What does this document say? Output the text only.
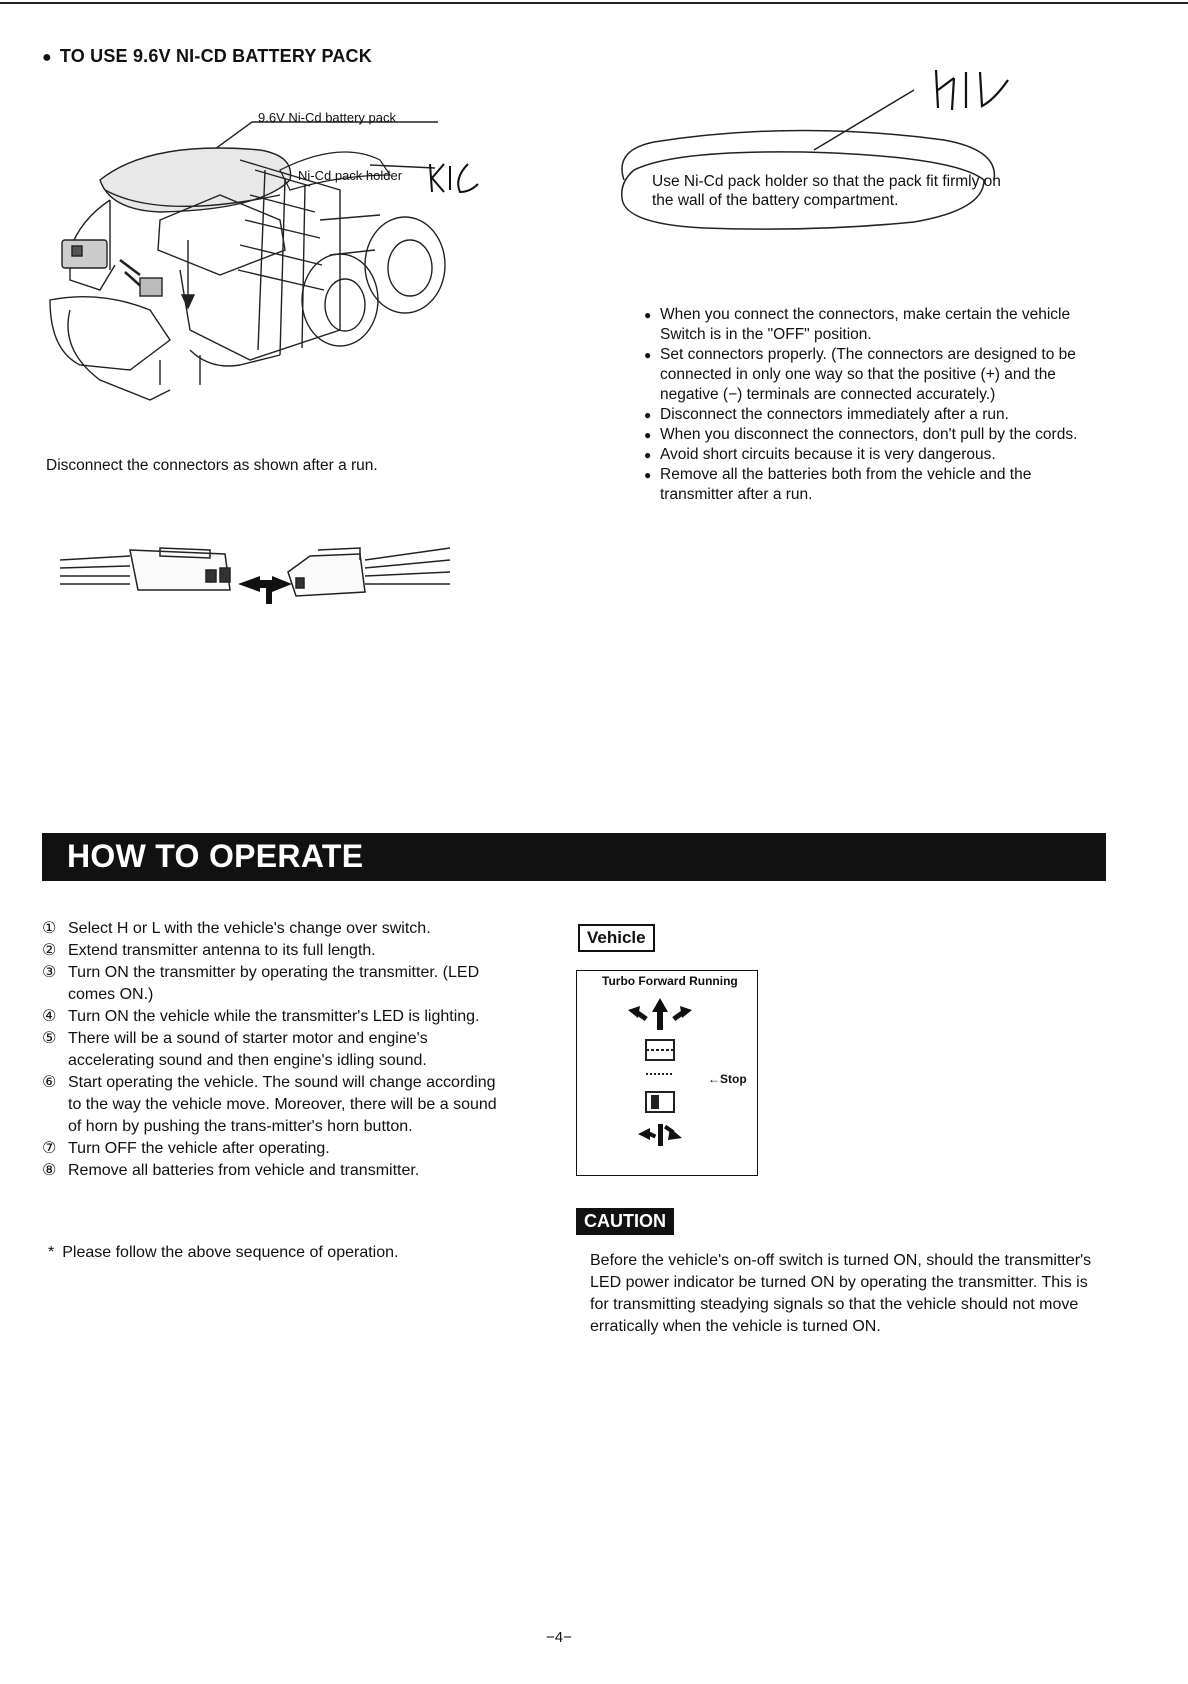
● TO USE 9.6V NI-CD BATTERY PACK
9.6V Ni-Cd battery pack
Ni-Cd pack holder	Use Ni-Cd pack holder so that the pack fit firmly on the wall of the battery compartment.
● When you connect the connectors, make certain the vehicle Switch is in the "OFF" position.
● Set connectors properly. (The connectors are designed to be connected in only one way so that the positive (+) and the negative (−) terminals are connected accurately.)
● Disconnect the connectors immediately after a run.
● When you disconnect the connectors, don't pull by the cords.
● Avoid short circuits because it is very dangerous.
● Remove all the batteries both from the vehicle and the transmitter after a run.
Disconnect the connectors as shown after a run.
HOW TO OPERATE
① Select H or L with the vehicle's change over switch.
② Extend transmitter antenna to its full length.
③ Turn ON the transmitter by operating the transmitter. (LED comes ON.)
④ Turn ON the vehicle while the transmitter's LED is lighting.
⑤ There will be a sound of starter motor and engine's accelerating sound and then engine's idling sound.
⑥ Start operating the vehicle. The sound will change according to the way the vehicle move. Moreover, there will be a sound of horn by pushing the trans-mitter's horn button.
⑦ Turn OFF the vehicle after operating.
⑧ Remove all batteries from vehicle and transmitter.
* Please follow the above sequence of operation.
Vehicle
Turbo Forward Running
←Stop
CAUTION
Before the vehicle's on-off switch is turned ON, should the transmitter's LED power indicator be turned ON by operating the transmitter. This is for transmitting steadying signals so that the vehicle should not move erratically when the vehicle is turned ON.
−4−
